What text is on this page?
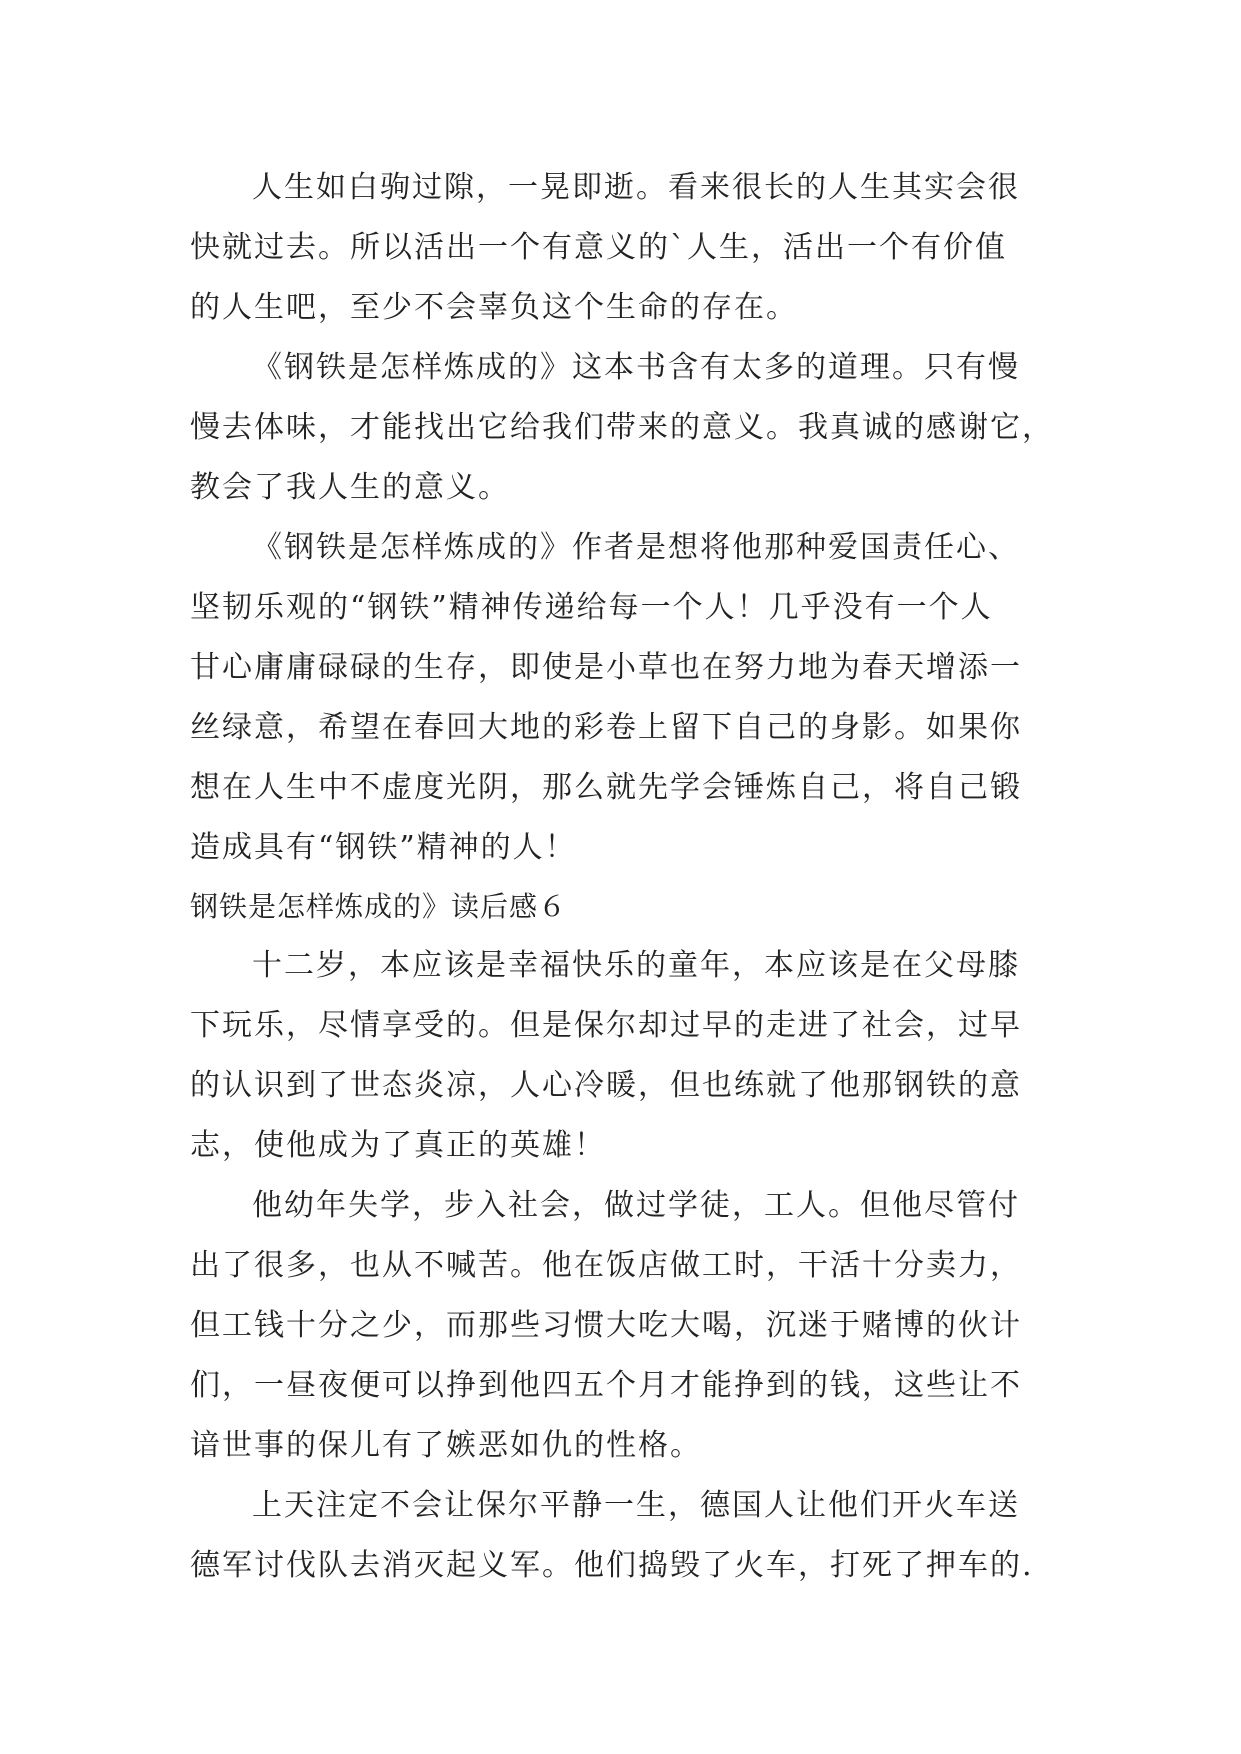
人生如白驹过隙，一晃即逝。看来很长的人生其实会很
快就过去。所以活出一个有意义的`人生，活出一个有价值
的人生吧，至少不会辜负这个生命的存在。
《钢铁是怎样炼成的》这本书含有太多的道理。只有慢
慢去体味，才能找出它给我们带来的意义。我真诚的感谢它，
教会了我人生的意义。
《钢铁是怎样炼成的》作者是想将他那种爱国责任心、
坚韧乐观的“钢铁”精神传递给每一个人！几乎没有一个人
甘心庸庸碌碌的生存，即使是小草也在努力地为春天增添一
丝绿意，希望在春回大地的彩卷上留下自己的身影。如果你
想在人生中不虚度光阴，那么就先学会锤炼自己，将自己锻
造成具有“钢铁”精神的人！
钢铁是怎样炼成的》读后感６
十二岁，本应该是幸福快乐的童年，本应该是在父母膝
下玩乐，尽情享受的。但是保尔却过早的走进了社会，过早
的认识到了世态炎凉，人心冷暖，但也练就了他那钢铁的意
志，使他成为了真正的英雄！
他幼年失学，步入社会，做过学徒，工人。但他尽管付
出了很多，也从不喊苦。他在饭店做工时，干活十分卖力，
但工钱十分之少，而那些习惯大吃大喝，沉迷于赌博的伙计
们，一昼夜便可以挣到他四五个月才能挣到的钱，这些让不
谙世事的保儿有了嫉恶如仇的性格。
上天注定不会让保尔平静一生，德国人让他们开火车送
德军讨伐队去消灭起义军。他们捣毁了火车，打死了押车的.
